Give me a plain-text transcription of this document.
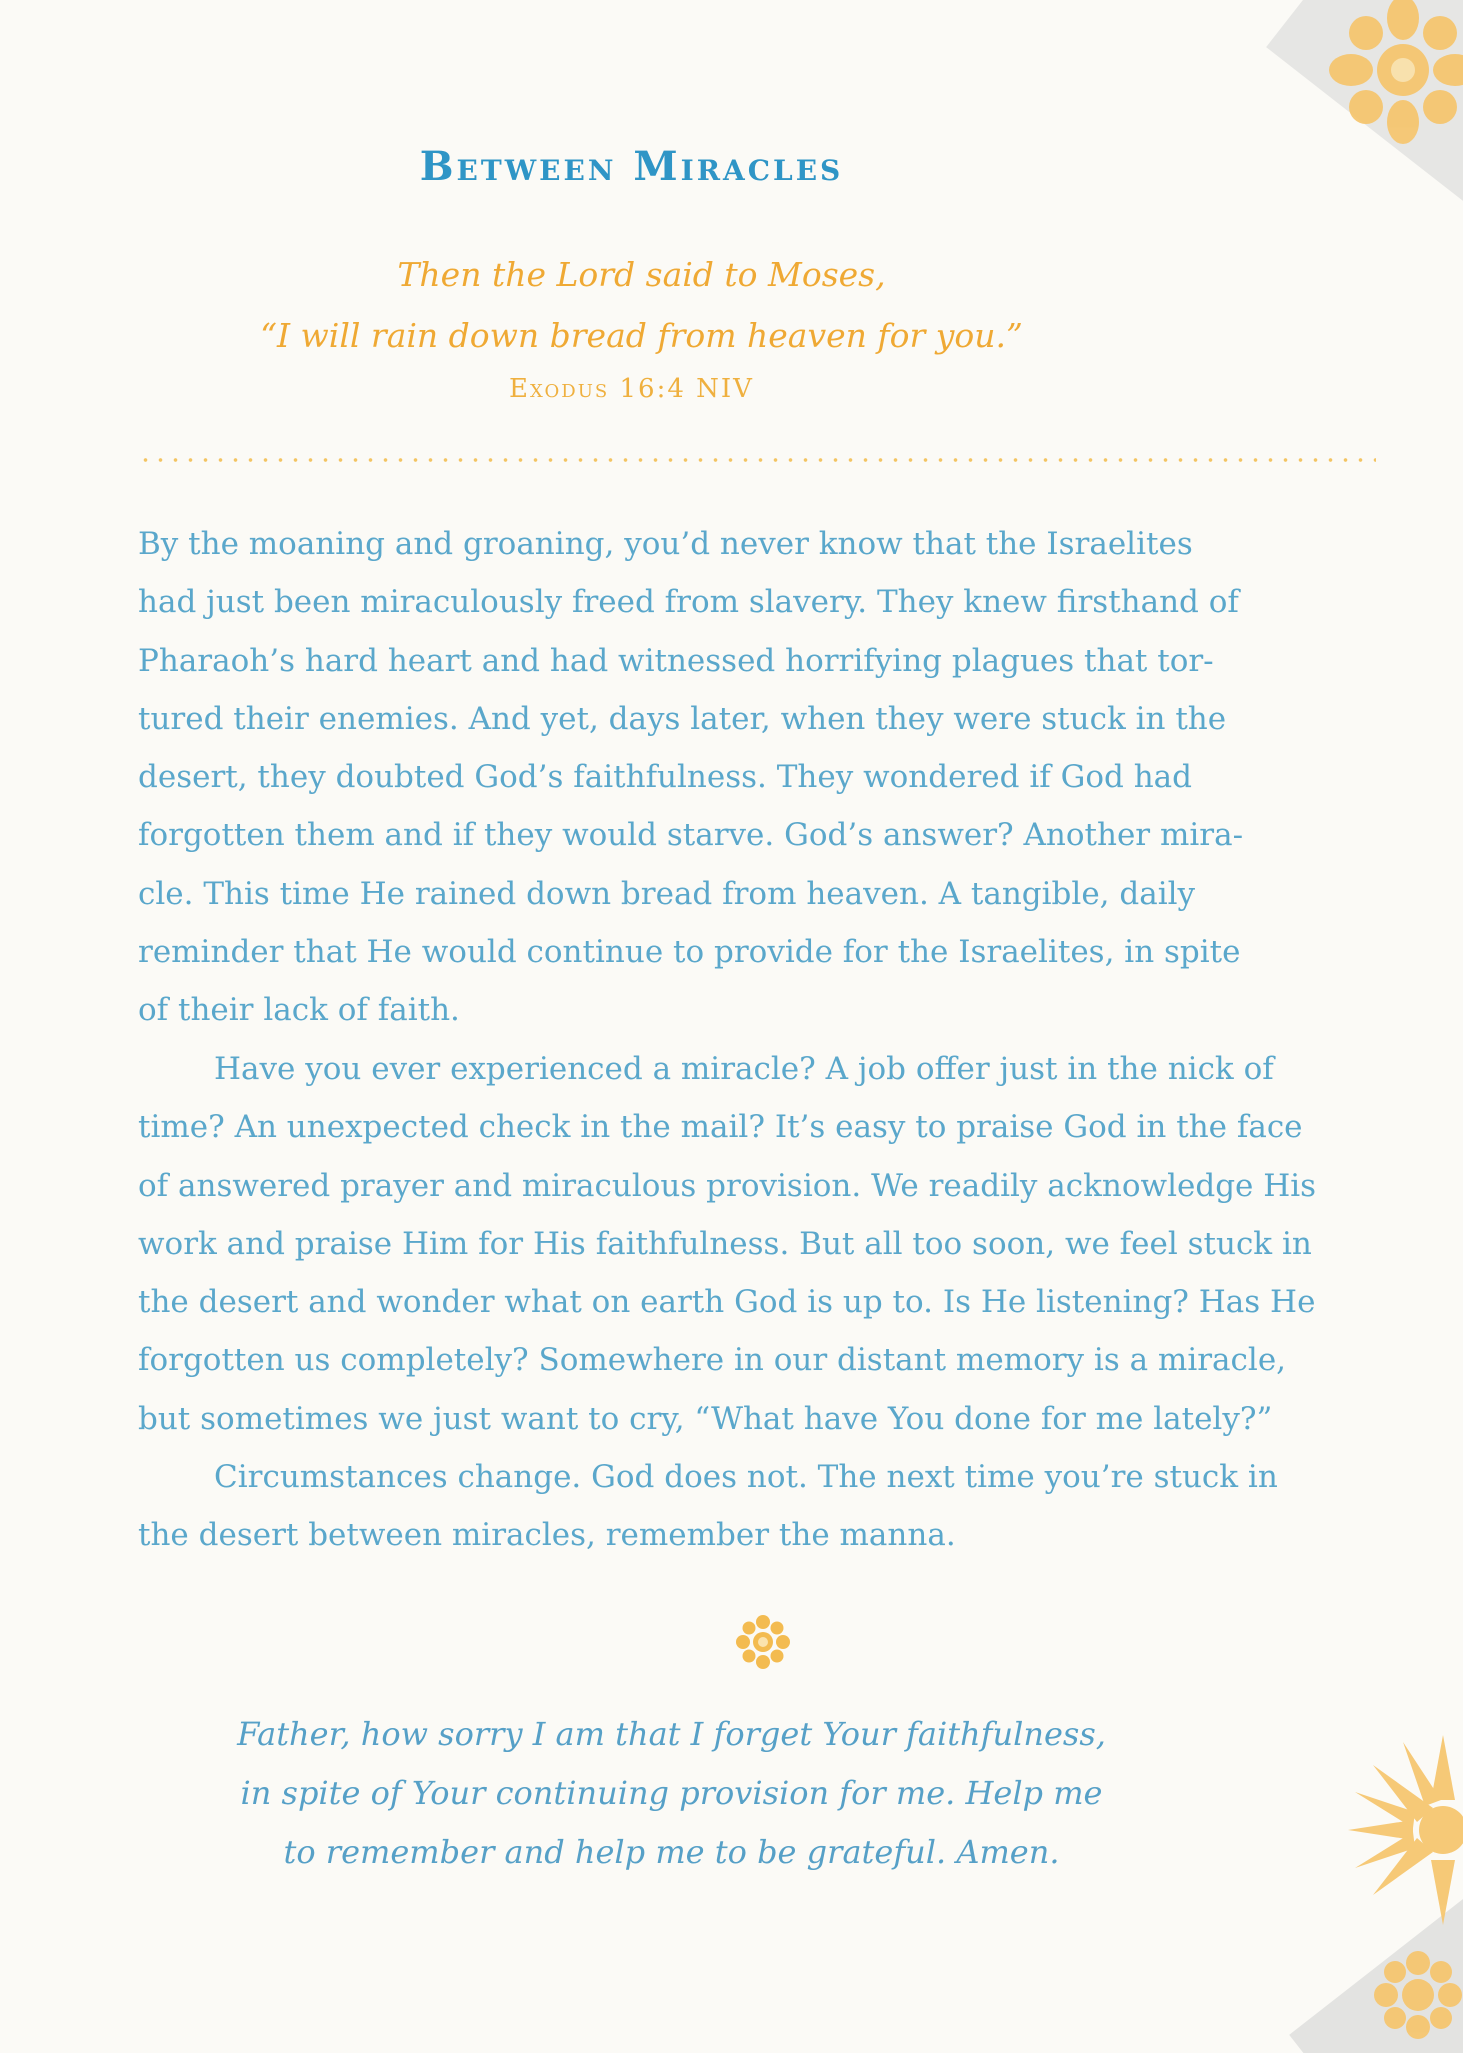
Between Miracles
Then the Lord said to Moses,
“I will rain down bread from heaven for you.”
Exodus 16:4 NIV
By the moaning and groaning, you’d never know that the Israelites
had just been miraculously freed from slavery. They knew firsthand of
Pharaoh’s hard heart and had witnessed horrifying plagues that tor-
tured their enemies. And yet, days later, when they were stuck in the
desert, they doubted God’s faithfulness. They wondered if God had
forgotten them and if they would starve. God’s answer? Another mira-
cle. This time He rained down bread from heaven. A tangible, daily
reminder that He would continue to provide for the Israelites, in spite
of their lack of faith.
Have you ever experienced a miracle? A job offer just in the nick of
time? An unexpected check in the mail? It’s easy to praise God in the face
of answered prayer and miraculous provision. We readily acknowledge His
work and praise Him for His faithfulness. But all too soon, we feel stuck in
the desert and wonder what on earth God is up to. Is He listening? Has He
forgotten us completely? Somewhere in our distant memory is a miracle,
but sometimes we just want to cry, “What have You done for me lately?”
Circumstances change. God does not. The next time you’re stuck in
the desert between miracles, remember the manna.
Father, how sorry I am that I forget Your faithfulness,
in spite of Your continuing provision for me. Help me
to remember and help me to be grateful. Amen.
